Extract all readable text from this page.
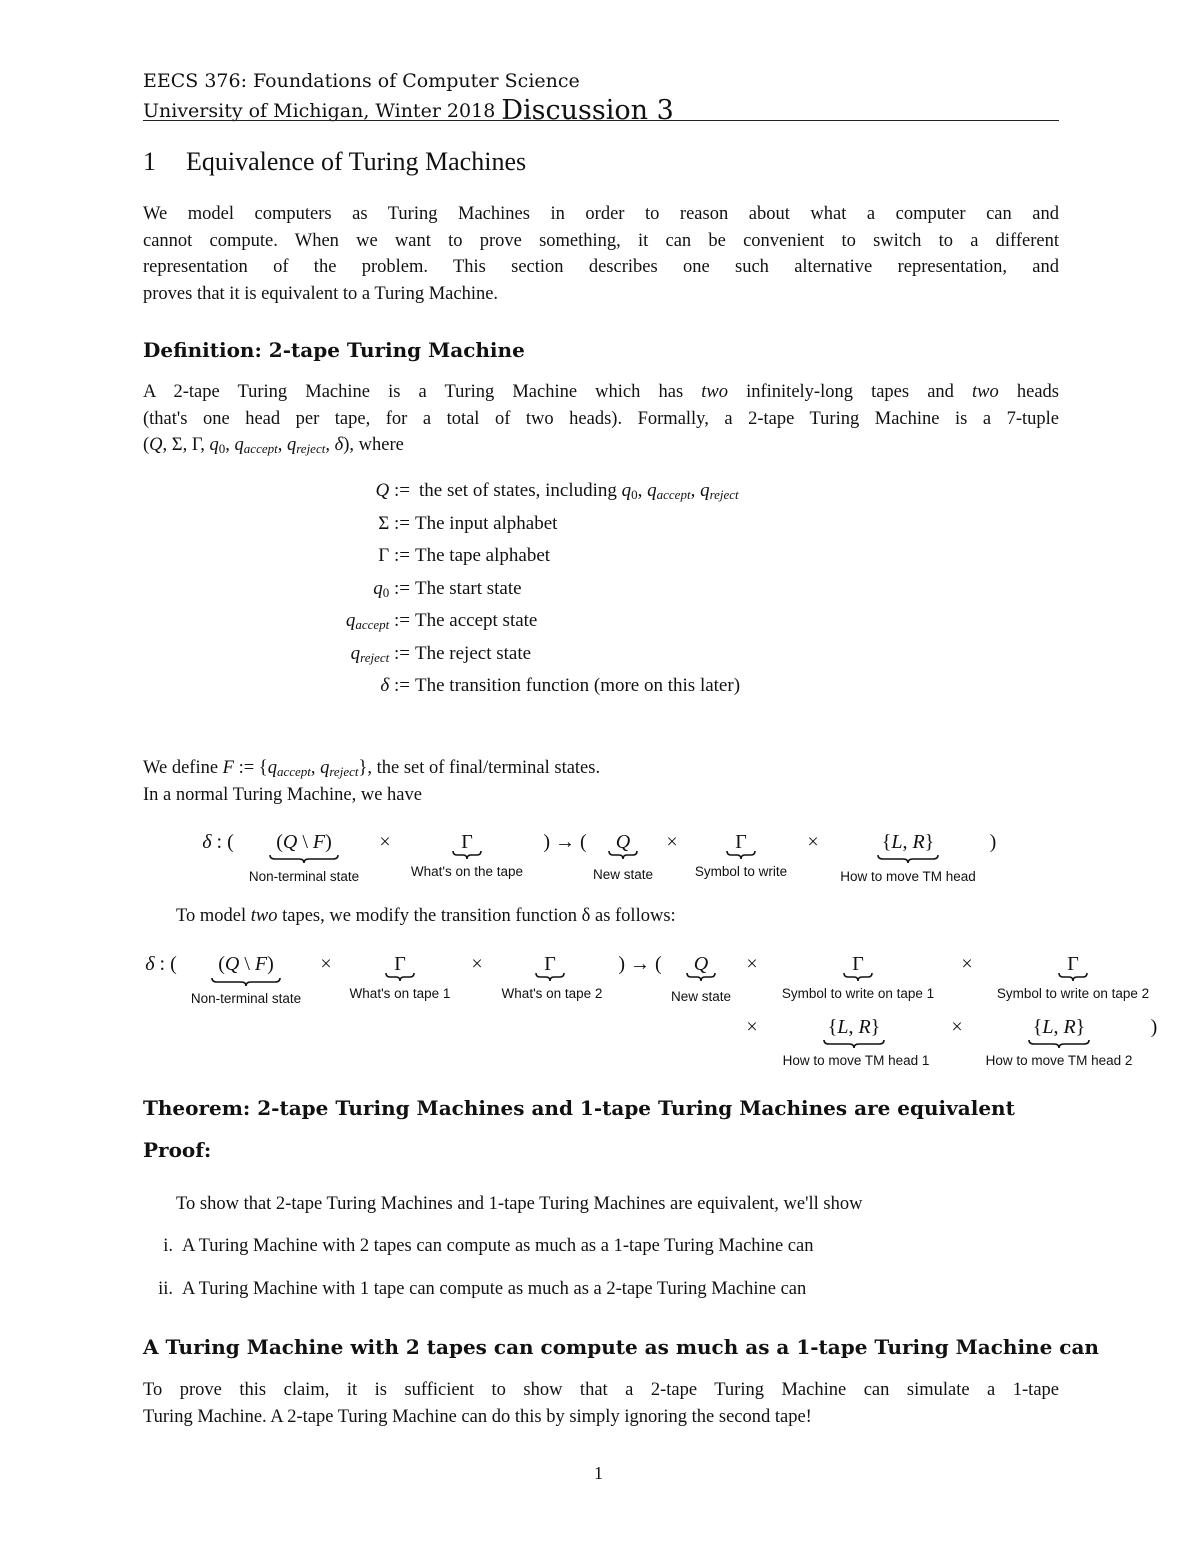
EECS 376: Foundations of Computer Science
University of Michigan, Winter 2018 Discussion 3
1 Equivalence of Turing Machines
We model computers as Turing Machines in order to reason about what a computer can and
cannot compute. When we want to prove something, it can be convenient to switch to a different
representation of the problem. This section describes one such alternative representation, and
proves that it is equivalent to a Turing Machine.
Definition: 2-tape Turing Machine
A 2-tape Turing Machine is a Turing Machine which has two infinitely-long tapes and two heads
(that's one head per tape, for a total of two heads). Formally, a 2-tape Turing Machine is a 7-tuple
(Q, Σ, Γ, q0, qaccept, qreject, δ), where
Q := the set of states, including q0, qaccept, qreject
Σ := The input alphabet
Γ := The tape alphabet
q0 := The start state
qaccept := The accept state
qreject := The reject state
δ := The transition function (more on this later)
We define F := {qaccept, qreject}, the set of final/terminal states.
In a normal Turing Machine, we have
δ : ( (Q \ F) ×	Γ	) → ( Q ×	Γ	×	{L, R}	)
Non-terminal state	What's on the tape	New state	Symbol to write	How to move TM head
To model two tapes, we modify the transition function δ as follows:
δ : ( (Q \ F) ×	Γ	×	Γ	) → ( Q ×	Γ	×	Γ
Non-terminal state	What's on tape 1	What's on tape 2	New state	Symbol to write on tape 1	Symbol to write on tape 2
×	{L, R}	×	{L, R}	)
How to move TM head 1	How to move TM head 2
Theorem: 2-tape Turing Machines and 1-tape Turing Machines are equivalent
Proof:
To show that 2-tape Turing Machines and 1-tape Turing Machines are equivalent, we'll show
i. A Turing Machine with 2 tapes can compute as much as a 1-tape Turing Machine can
ii. A Turing Machine with 1 tape can compute as much as a 2-tape Turing Machine can
A Turing Machine with 2 tapes can compute as much as a 1-tape Turing Machine can
To prove this claim, it is sufficient to show that a 2-tape Turing Machine can simulate a 1-tape
Turing Machine. A 2-tape Turing Machine can do this by simply ignoring the second tape!
1
